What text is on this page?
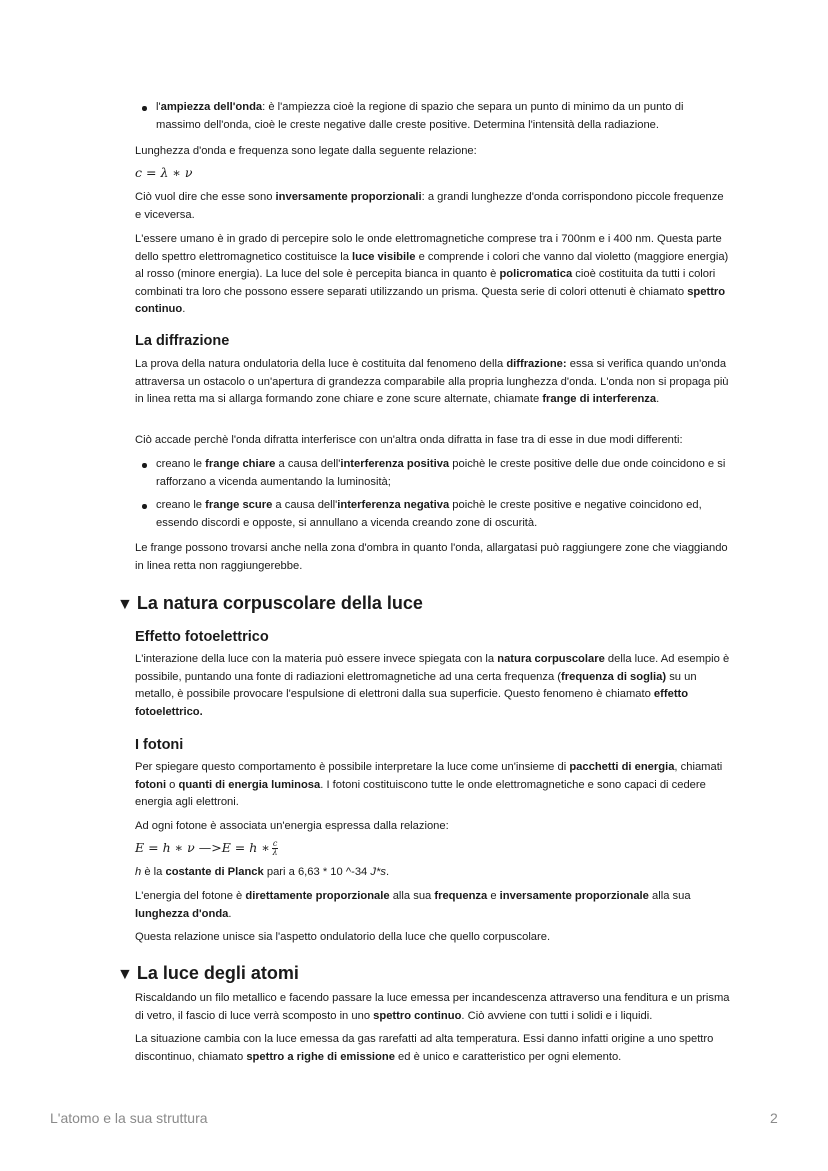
l'ampiezza dell'onda: è l'ampiezza cioè la regione di spazio che separa un punto di minimo da un punto di massimo dell'onda, cioè le creste negative dalle creste positive. Determina l'intensità della radiazione.

Lunghezza d'onda e frequenza sono legate dalla seguente relazione:

c = λ ∗ ν

Ciò vuol dire che esse sono inversamente proporzionali: a grandi lunghezze d'onda corrispondono piccole frequenze e viceversa.

L'essere umano è in grado di percepire solo le onde elettromagnetiche comprese tra i 700nm e i 400 nm. Questa parte dello spettro elettromagnetico costituisce la luce visibile e comprende i colori che vanno dal violetto (maggiore energia) al rosso (minore energia). La luce del sole è percepita bianca in quanto è policromatica cioè costituita da tutti i colori combinati tra loro che possono essere separati utilizzando un prisma. Questa serie di colori ottenuti è chiamato spettro continuo.

La diffrazione

La prova della natura ondulatoria della luce è costituita dal fenomeno della diffrazione: essa si verifica quando un'onda attraversa un ostacolo o un'apertura di grandezza comparabile alla propria lunghezza d'onda. L'onda non si propaga più in linea retta ma si allarga formando zone chiare e zone scure alternate, chiamate frange di interferenza.

Ciò accade perchè l'onda difratta interferisce con un'altra onda difratta in fase tra di esse in due modi differenti:

creano le frange chiare a causa dell'interferenza positiva poichè le creste positive delle due onde coincidono e si rafforzano a vicenda aumentando la luminosità;
creano le frange scure a causa dell'interferenza negativa poichè le creste positive e negative coincidono ed, essendo discordi e opposte, si annullano a vicenda creando zone di oscurità.

Le frange possono trovarsi anche nella zona d'ombra in quanto l'onda, allargatasi può raggiungere zone che viaggiando in linea retta non raggiungerebbe.

Effetto fotoelettrico

L'interazione della luce con la materia può essere invece spiegata con la natura corpuscolare della luce. Ad esempio è possibile, puntando una fonte di radiazioni elettromagnetiche ad una certa frequenza (frequenza di soglia) su un metallo, è possibile provocare l'espulsione di elettroni dalla sua superficie. Questo fenomeno è chiamato effetto fotoelettrico.

I fotoni

Per spiegare questo comportamento è possibile interpretare la luce come un'insieme di pacchetti di energia, chiamati fotoni o quanti di energia luminosa. I fotoni costituiscono tutte le onde elettromagnetiche e sono capaci di cedere energia agli elettroni.

Ad ogni fotone è associata un'energia espressa dalla relazione:

E = h ∗ ν —>E = h ∗ $\frac{c}{\lambda}$

h è la costante di Planck pari a 6,63 * 10 ^-34 J*s.

L'energia del fotone è direttamente proporzionale alla sua frequenza e inversamente proporzionale alla sua lunghezza d'onda.

Questa relazione unisce sia l'aspetto ondulatorio della luce che quello corpuscolare.

Riscaldando un filo metallico e facendo passare la luce emessa per incandescenza attraverso una fenditura e un prisma di vetro, il fascio di luce verrà scomposto in uno spettro continuo. Ciò avviene con tutti i solidi e i liquidi.

La situazione cambia con la luce emessa da gas rarefatti ad alta temperatura. Essi danno infatti origine a uno spettro discontinuo, chiamato spettro a righe di emissione ed è unico e caratteristico per ogni elemento.

▼ La natura corpuscolare della luce
▼ La luce degli atomi
L'atomo e la sua struttura	2
